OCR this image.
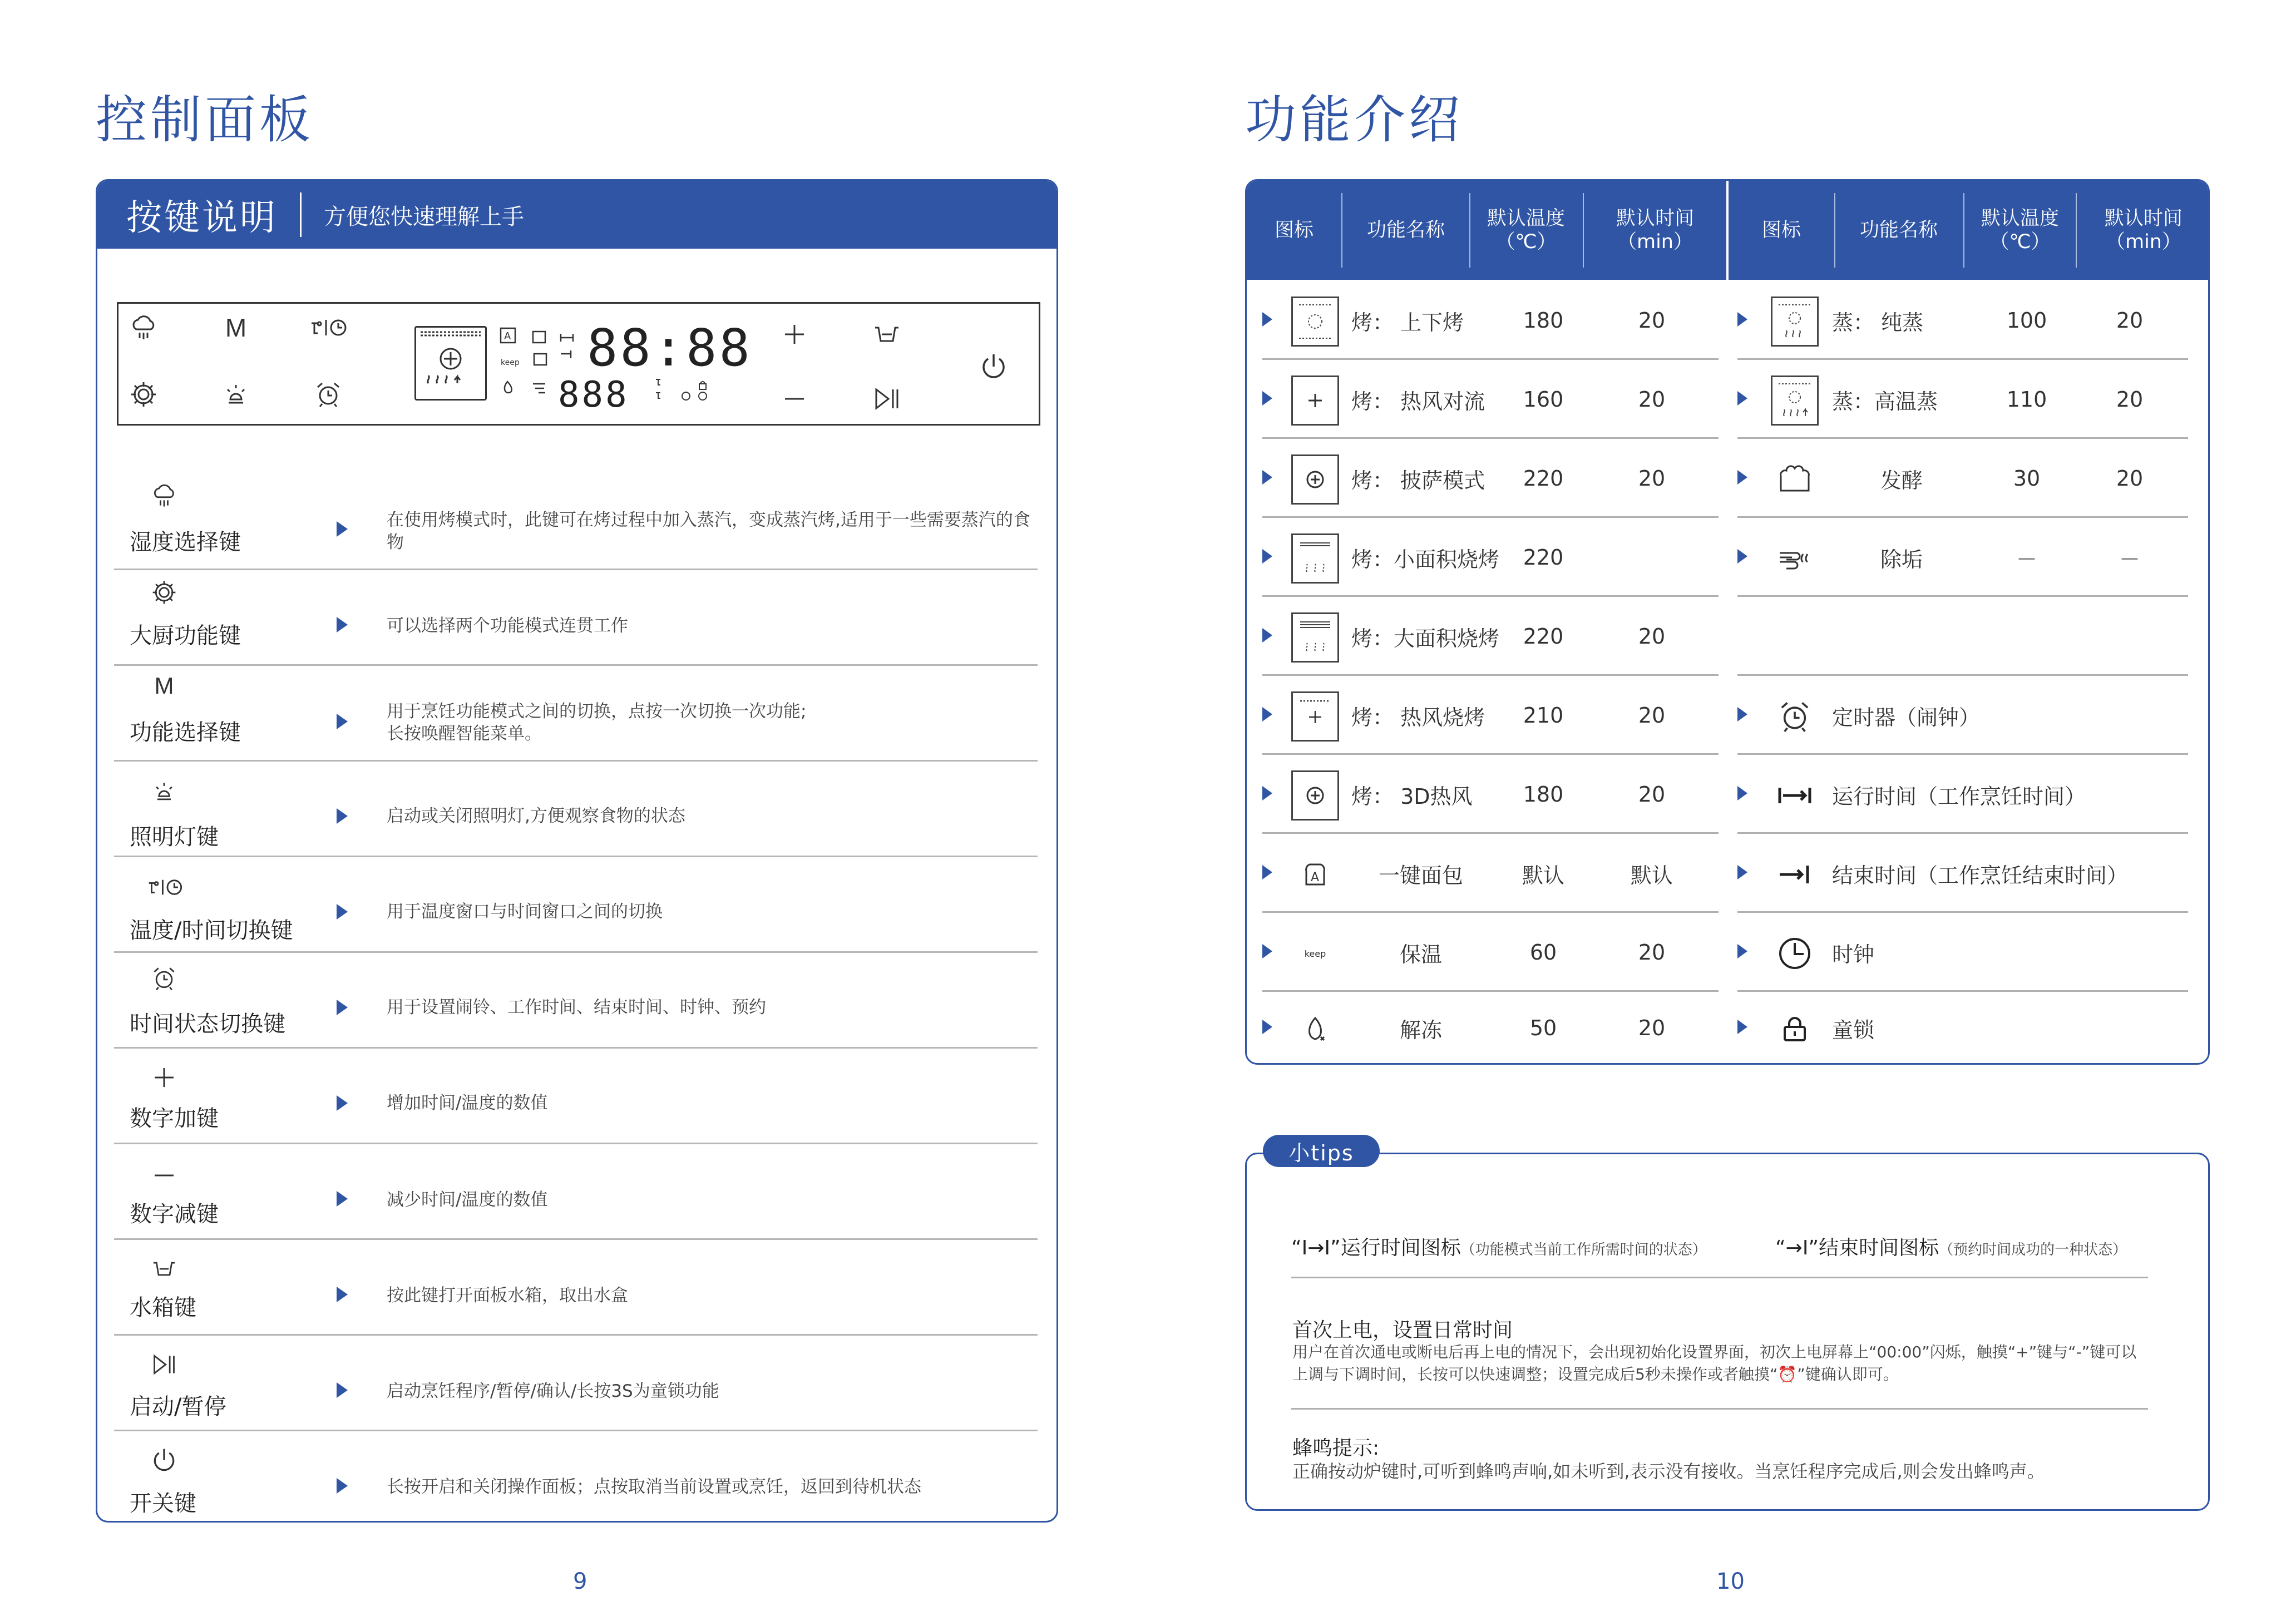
控制面板
按键说明 方便您快速理解上手
M	A
keep 88:88
888
湿度选择键
在使用烤模式时，此键可在烤过程中加入蒸汽，变成蒸汽烤,适用于一些需要蒸汽的食物
大厨功能键	可以选择两个功能模式连贯工作

M

功能选择键

用于烹饪功能模式之间的切换，点按一次切换一次功能;
长按唤醒智能菜单。

照明灯键
启动或关闭照明灯,方便观察食物的状态
温度/时间切换键
用于温度窗口与时间窗口之间的切换
时间状态切换键
用于设置闹铃、工作时间、结束时间、时钟、预约
数字加键
增加时间/温度的数值
数字减键
减少时间/温度的数值
水箱键	按此键打开面板水箱，取出水盒
启动/暂停
启动烹饪程序/暂停/确认/长按3S为童锁功能
开关键
长按开启和关闭操作面板；点按取消当前设置或烹饪，返回到待机状态
9
功能介绍
图标	功能名称
默认温度
（℃）
默认时间
（min）
图标	功能名称
默认温度
（℃）
默认时间
（min）
烤： 上下烤	180	20
烤： 热风对流	160	20
烤： 披萨模式	220	20
烤：小面积烧烤	220
烤：大面积烧烤	220	20
烤： 热风烧烤	210	20
烤： 3D热风	180	20
A	一键面包	默认	默认
keep	保温	60	20
解冻	50	20
蒸： 纯蒸	100	20
蒸：高温蒸	110	20
发酵	30	20
除垢	－	－
定时器（闹钟）
运行时间（工作烹饪时间）
结束时间（工作烹饪结束时间）
时钟
童锁
“I→I”运行时间图标 （功能模式当前工作所需时间的状态）	“→I”结束时间图标 （预约时间成功的一种状态）
首次上电，设置日常时间
用户在首次通电或断电后再上电的情况下，会出现初始化设置界面，初次上电屏幕上“00:00”闪烁，触摸“+”键与“-”键可以上调与下调时间，长按可以快速调整；设置完成后5秒未操作或者触摸“⏰”键确认即可。
蜂鸣提示:
正确按动炉键时,可听到蜂鸣声响,如未听到,表示没有接收。当烹饪程序完成后,则会发出蜂鸣声。
小tips
10
